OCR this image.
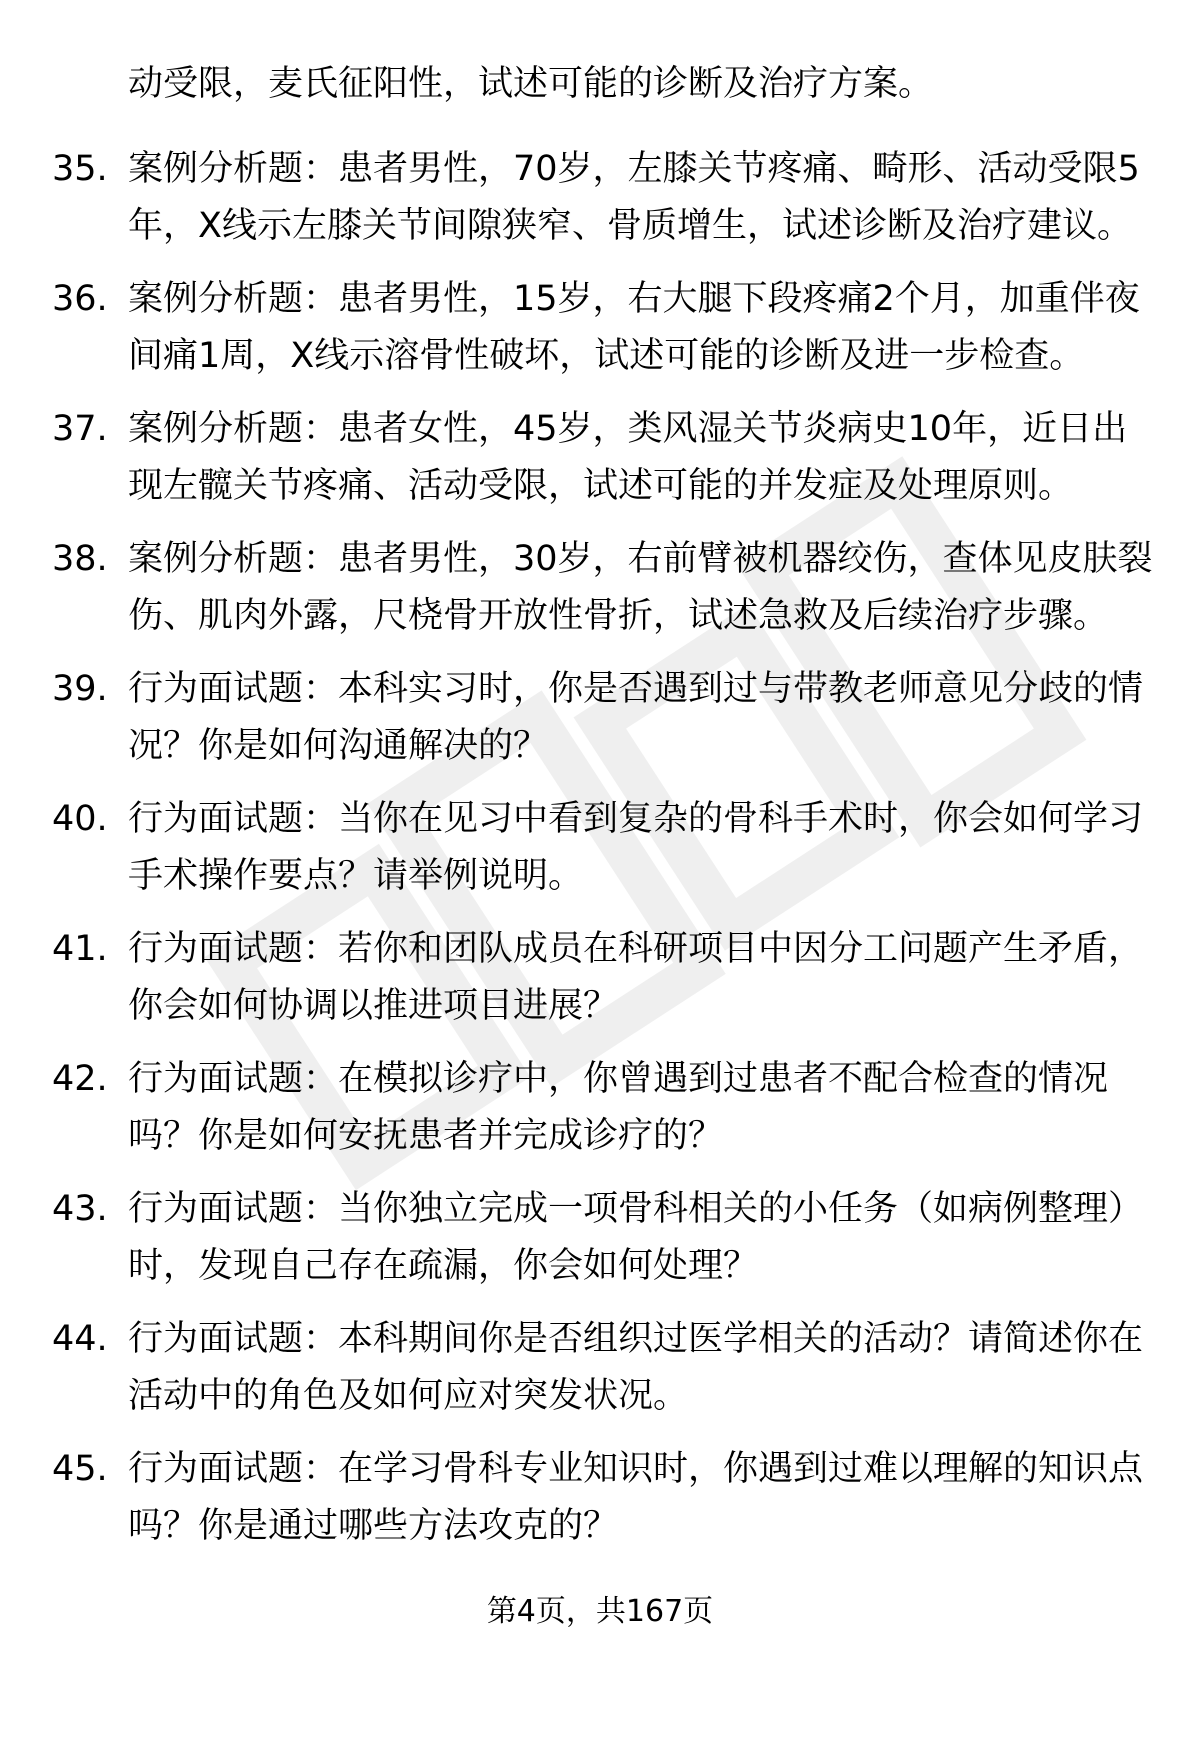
动受限，麦氏征阳性，试述可能的诊断及治疗方案。

35. 案例分析题：患者男性，70岁，左膝关节疼痛、畸形、活动受限5年，X线示左膝关节间隙狭窄、骨质增生，试述诊断及治疗建议。
36. 案例分析题：患者男性，15岁，右大腿下段疼痛2个月，加重伴夜间痛1周，X线示溶骨性破坏，试述可能的诊断及进一步检查。
37. 案例分析题：患者女性，45岁，类风湿关节炎病史10年，近日出现左髋关节疼痛、活动受限，试述可能的并发症及处理原则。
38. 案例分析题：患者男性，30岁，右前臂被机器绞伤，查体见皮肤裂伤、肌肉外露，尺桡骨开放性骨折，试述急救及后续治疗步骤。
39. 行为面试题：本科实习时，你是否遇到过与带教老师意见分歧的情况？你是如何沟通解决的？
40. 行为面试题：当你在见习中看到复杂的骨科手术时，你会如何学习手术操作要点？请举例说明。
41. 行为面试题：若你和团队成员在科研项目中因分工问题产生矛盾，你会如何协调以推进项目进展？
42. 行为面试题：在模拟诊疗中，你曾遇到过患者不配合检查的情况吗？你是如何安抚患者并完成诊疗的？
43. 行为面试题：当你独立完成一项骨科相关的小任务（如病例整理）时，发现自己存在疏漏，你会如何处理？
44. 行为面试题：本科期间你是否组织过医学相关的活动？请简述你在活动中的角色及如何应对突发状况。
45. 行为面试题：在学习骨科专业知识时，你遇到过难以理解的知识点吗？你是通过哪些方法攻克的？
第4页，共167页
